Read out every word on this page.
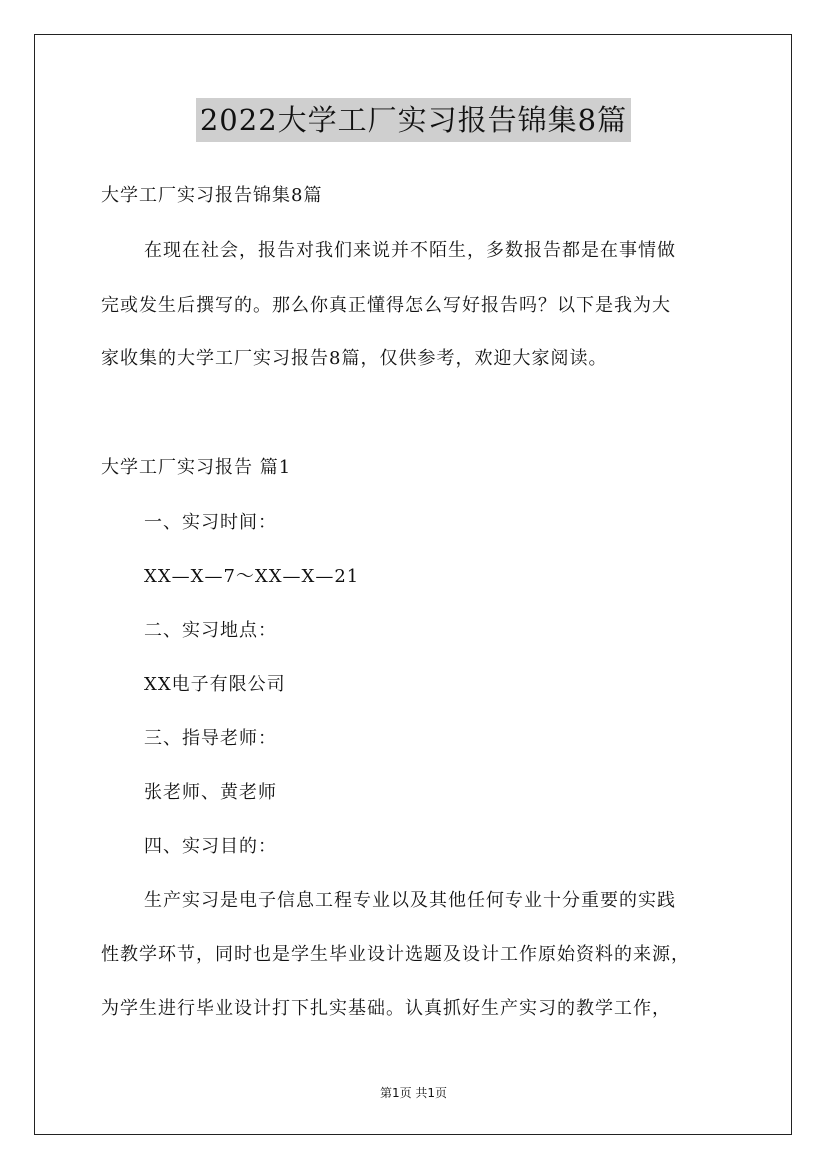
2022大学工厂实习报告锦集8篇
大学工厂实习报告锦集8篇
在现在社会，报告对我们来说并不陌生，多数报告都是在事情做
完或发生后撰写的。那么你真正懂得怎么写好报告吗？以下是我为大
家收集的大学工厂实习报告8篇，仅供参考，欢迎大家阅读。
大学工厂实习报告 篇1
一、实习时间：
XX—X—7～XX—X—21
二、实习地点：
XX电子有限公司
三、指导老师：
张老师、黄老师
四、实习目的：
生产实习是电子信息工程专业以及其他任何专业十分重要的实践
性教学环节，同时也是学生毕业设计选题及设计工作原始资料的来源，
为学生进行毕业设计打下扎实基础。认真抓好生产实习的教学工作，
第1页 共1页
